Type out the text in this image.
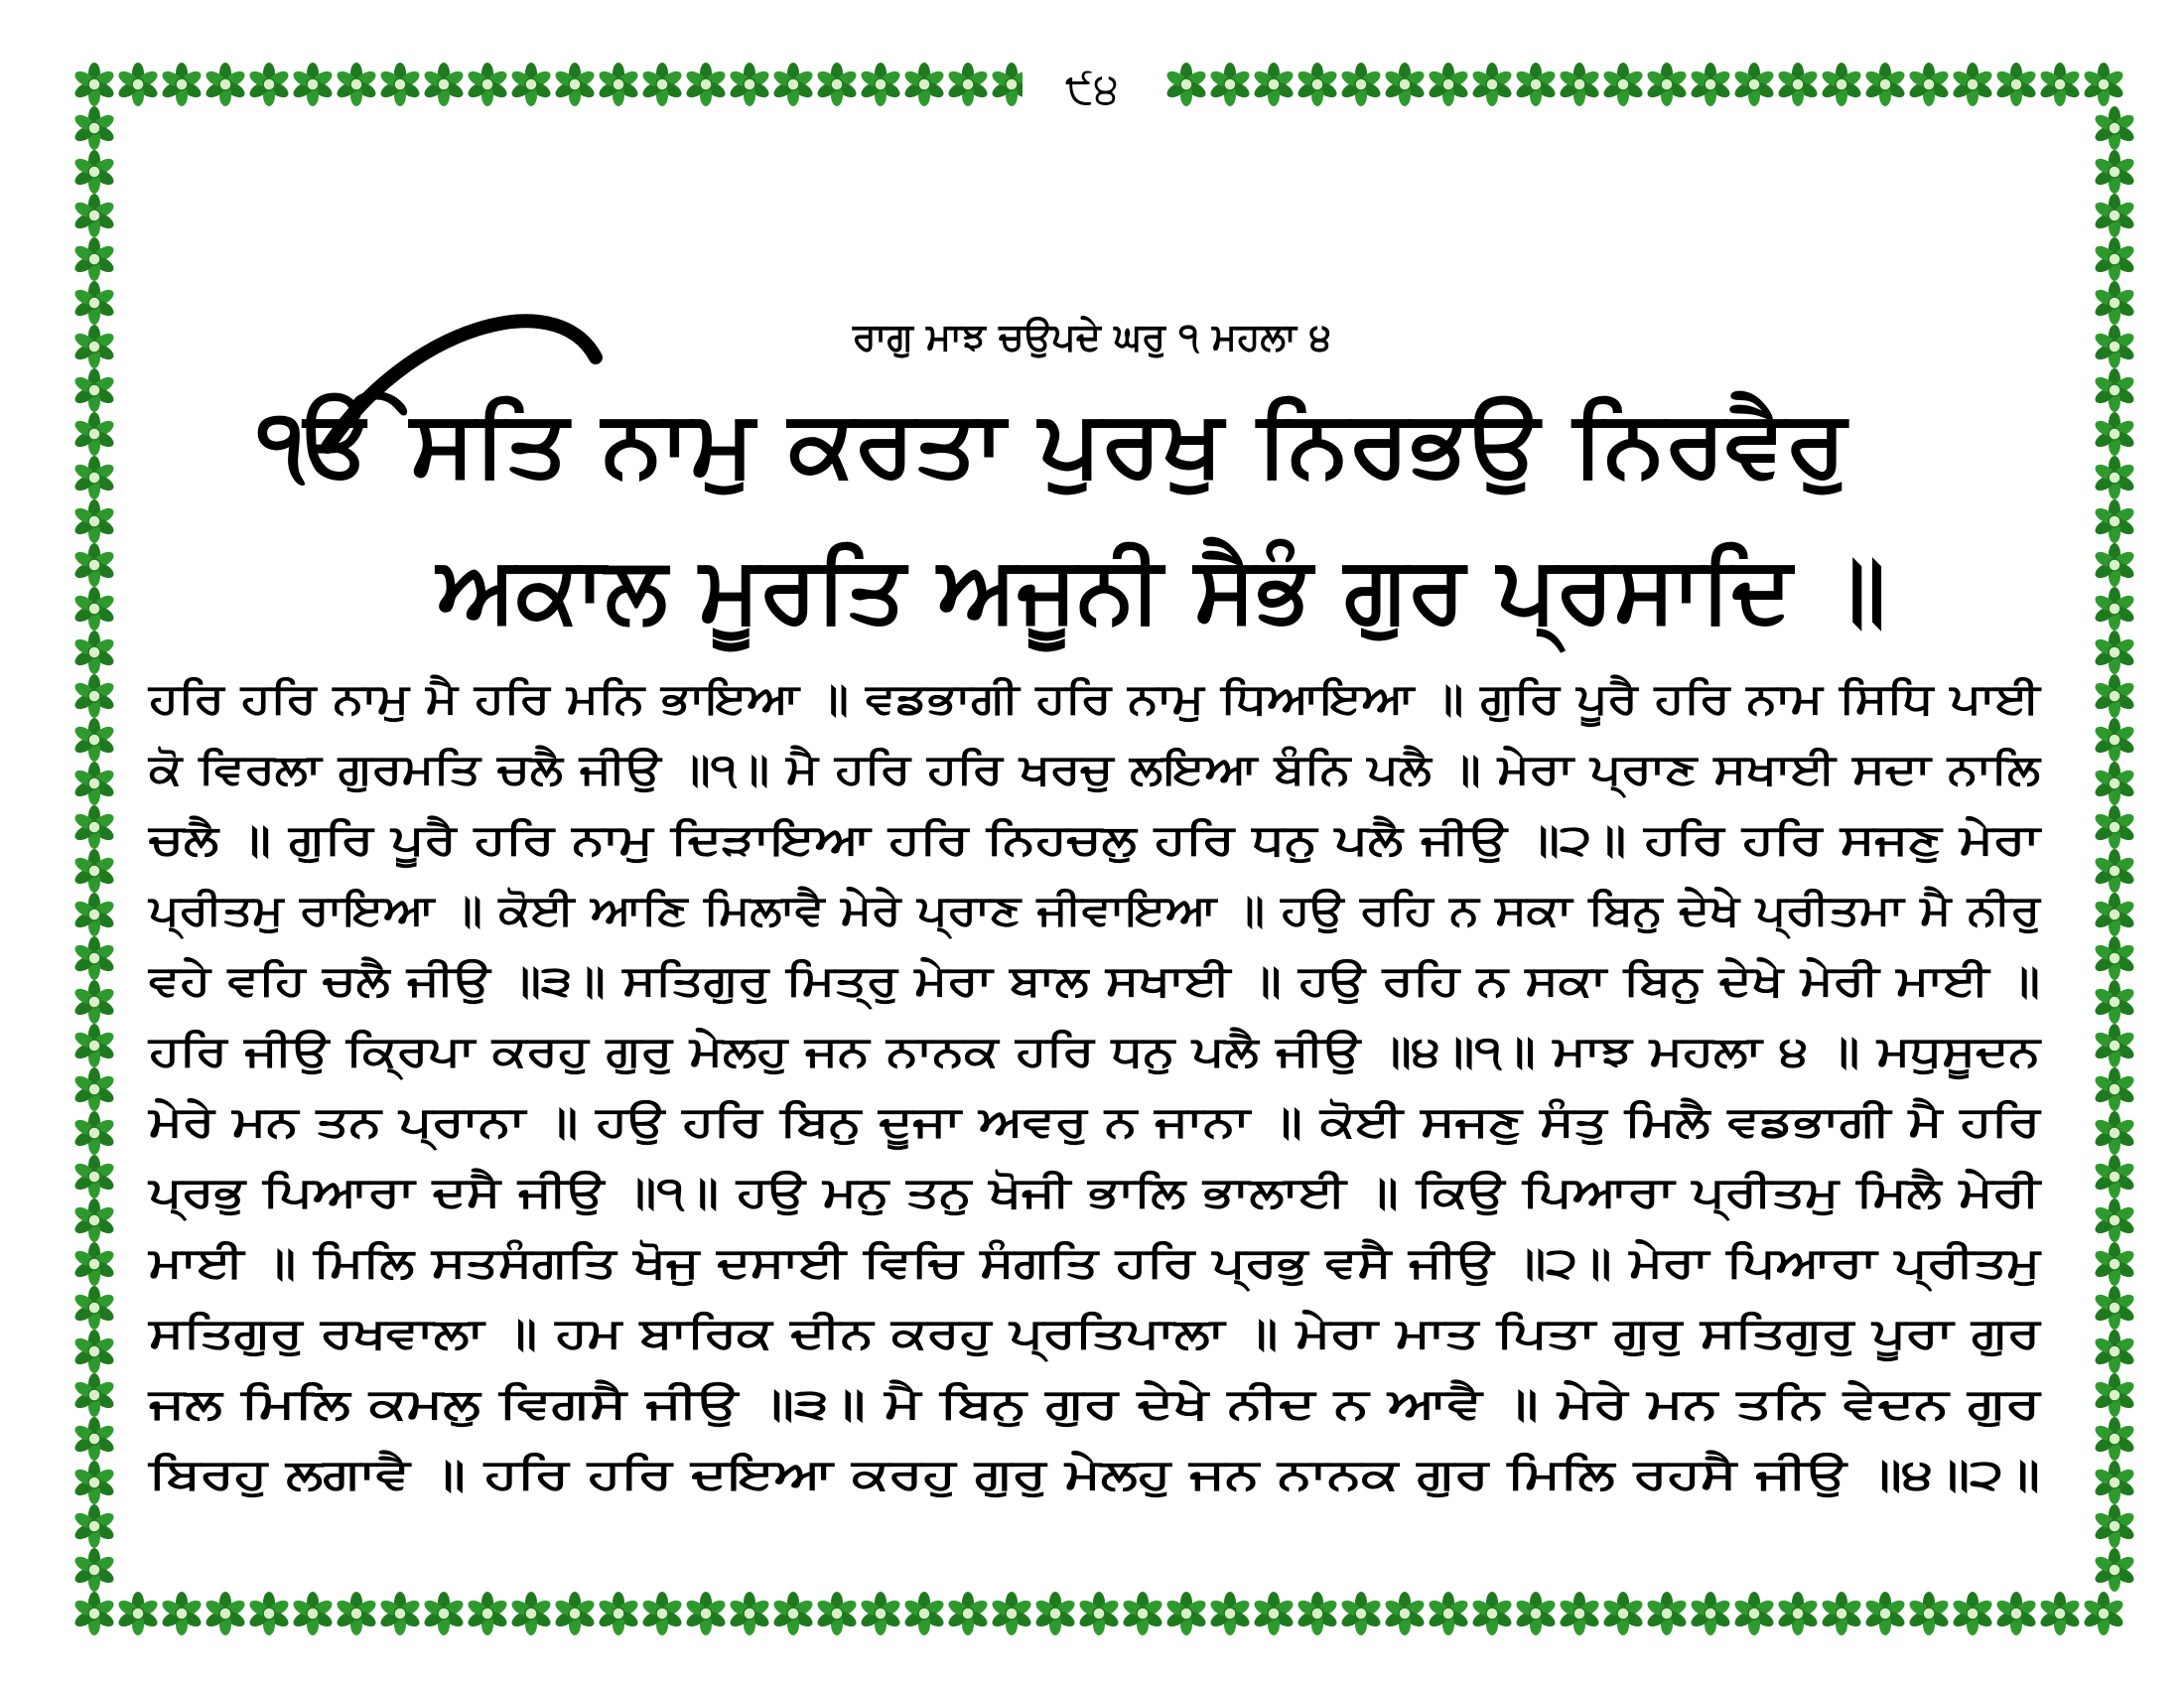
੯੪
ਰਾਗੁ ਮਾਝ ਚਉਪਦੇ ਘਰੁ ੧ ਮਹਲਾ ੪
ੴ ਸਤਿ ਨਾਮੁ ਕਰਤਾ ਪੁਰਖੁ ਨਿਰਭਉ ਨਿਰਵੈਰੁ
ਅਕਾਲ ਮੂਰਤਿ ਅਜੂਨੀ ਸੈਭੰ ਗੁਰ ਪ੍ਰਸਾਦਿ ॥
ਹਰਿ ਹਰਿ ਨਾਮੁ ਮੈ ਹਰਿ ਮਨਿ ਭਾਇਆ ॥ ਵਡਭਾਗੀ ਹਰਿ ਨਾਮੁ ਧਿਆਇਆ ॥ ਗੁਰਿ ਪੂਰੈ ਹਰਿ ਨਾਮ ਸਿਧਿ ਪਾਈ
ਕੋ ਵਿਰਲਾ ਗੁਰਮਤਿ ਚਲੈ ਜੀਉ ॥੧॥ ਮੈ ਹਰਿ ਹਰਿ ਖਰਚੁ ਲਇਆ ਬੰਨਿ ਪਲੈ ॥ ਮੇਰਾ ਪ੍ਰਾਣ ਸਖਾਈ ਸਦਾ ਨਾਲਿ
ਚਲੈ ॥ ਗੁਰਿ ਪੂਰੈ ਹਰਿ ਨਾਮੁ ਦਿੜਾਇਆ ਹਰਿ ਨਿਹਚਲੁ ਹਰਿ ਧਨੁ ਪਲੈ ਜੀਉ ॥੨॥ ਹਰਿ ਹਰਿ ਸਜਣੁ ਮੇਰਾ
ਪ੍ਰੀਤਮੁ ਰਾਇਆ ॥ ਕੋਈ ਆਣਿ ਮਿਲਾਵੈ ਮੇਰੇ ਪ੍ਰਾਣ ਜੀਵਾਇਆ ॥ ਹਉ ਰਹਿ ਨ ਸਕਾ ਬਿਨੁ ਦੇਖੇ ਪ੍ਰੀਤਮਾ ਮੈ ਨੀਰੁ
ਵਹੇ ਵਹਿ ਚਲੈ ਜੀਉ ॥੩॥ ਸਤਿਗੁਰੁ ਮਿਤ੍ਰੁ ਮੇਰਾ ਬਾਲ ਸਖਾਈ ॥ ਹਉ ਰਹਿ ਨ ਸਕਾ ਬਿਨੁ ਦੇਖੇ ਮੇਰੀ ਮਾਈ ॥
ਹਰਿ ਜੀਉ ਕ੍ਰਿਪਾ ਕਰਹੁ ਗੁਰੁ ਮੇਲਹੁ ਜਨ ਨਾਨਕ ਹਰਿ ਧਨੁ ਪਲੈ ਜੀਉ ॥੪॥੧॥ ਮਾਝ ਮਹਲਾ ੪ ॥ ਮਧੁਸੂਦਨ
ਮੇਰੇ ਮਨ ਤਨ ਪ੍ਰਾਨਾ ॥ ਹਉ ਹਰਿ ਬਿਨੁ ਦੂਜਾ ਅਵਰੁ ਨ ਜਾਨਾ ॥ ਕੋਈ ਸਜਣੁ ਸੰਤੁ ਮਿਲੈ ਵਡਭਾਗੀ ਮੈ ਹਰਿ
ਪ੍ਰਭੁ ਪਿਆਰਾ ਦਸੈ ਜੀਉ ॥੧॥ ਹਉ ਮਨੁ ਤਨੁ ਖੋਜੀ ਭਾਲਿ ਭਾਲਾਈ ॥ ਕਿਉ ਪਿਆਰਾ ਪ੍ਰੀਤਮੁ ਮਿਲੈ ਮੇਰੀ
ਮਾਈ ॥ ਮਿਲਿ ਸਤਸੰਗਤਿ ਖੋਜੁ ਦਸਾਈ ਵਿਚਿ ਸੰਗਤਿ ਹਰਿ ਪ੍ਰਭੁ ਵਸੈ ਜੀਉ ॥੨॥ ਮੇਰਾ ਪਿਆਰਾ ਪ੍ਰੀਤਮੁ
ਸਤਿਗੁਰੁ ਰਖਵਾਲਾ ॥ ਹਮ ਬਾਰਿਕ ਦੀਨ ਕਰਹੁ ਪ੍ਰਤਿਪਾਲਾ ॥ ਮੇਰਾ ਮਾਤ ਪਿਤਾ ਗੁਰੁ ਸਤਿਗੁਰੁ ਪੂਰਾ ਗੁਰ
ਜਲ ਮਿਲਿ ਕਮਲੁ ਵਿਗਸੈ ਜੀਉ ॥੩॥ ਮੈ ਬਿਨੁ ਗੁਰ ਦੇਖੇ ਨੀਦ ਨ ਆਵੈ ॥ ਮੇਰੇ ਮਨ ਤਨਿ ਵੇਦਨ ਗੁਰ
ਬਿਰਹੁ ਲਗਾਵੈ ॥ ਹਰਿ ਹਰਿ ਦਇਆ ਕਰਹੁ ਗੁਰੁ ਮੇਲਹੁ ਜਨ ਨਾਨਕ ਗੁਰ ਮਿਲਿ ਰਹਸੈ ਜੀਉ ॥੪॥੨॥
